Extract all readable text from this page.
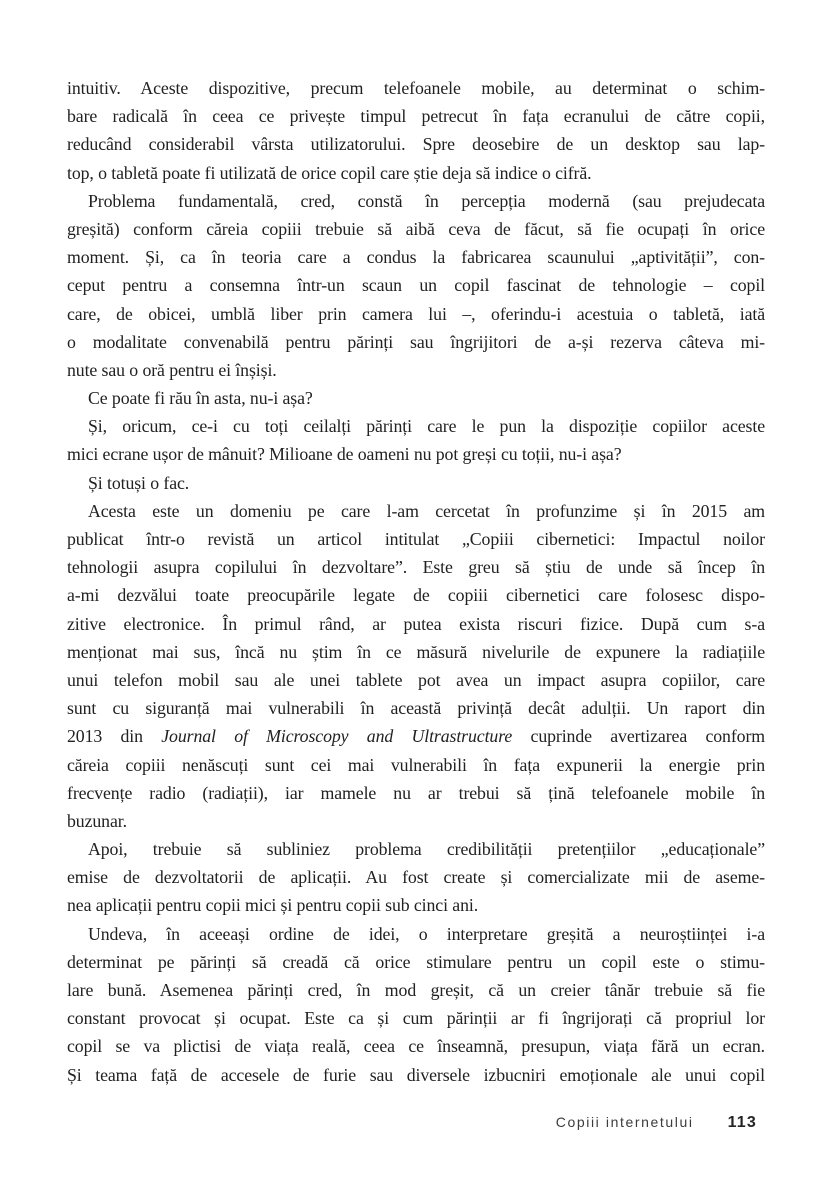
intuitiv. Aceste dispozitive, precum telefoanele mobile, au determinat o schim-
bare radicală în ceea ce privește timpul petrecut în fața ecranului de către copii,
reducând considerabil vârsta utilizatorului. Spre deosebire de un desktop sau lap-
top, o tabletă poate fi utilizată de orice copil care știe deja să indice o cifră.
Problema fundamentală, cred, constă în percepția modernă (sau prejudecata
greșită) conform căreia copiii trebuie să aibă ceva de făcut, să fie ocupați în orice
moment. Și, ca în teoria care a condus la fabricarea scaunului „aptivității”, con-
ceput pentru a consemna într-un scaun un copil fascinat de tehnologie – copil
care, de obicei, umblă liber prin camera lui –, oferindu-i acestuia o tabletă, iată
o modalitate convenabilă pentru părinți sau îngrijitori de a-și rezerva câteva mi-
nute sau o oră pentru ei înșiși.
Ce poate fi rău în asta, nu-i așa?
Și, oricum, ce-i cu toți ceilalți părinți care le pun la dispoziție copiilor aceste
mici ecrane ușor de mânuit? Milioane de oameni nu pot greși cu toții, nu-i așa?
Și totuși o fac.
Acesta este un domeniu pe care l-am cercetat în profunzime și în 2015 am
publicat într-o revistă un articol intitulat „Copiii cibernetici: Impactul noilor
tehnologii asupra copilului în dezvoltare”. Este greu să știu de unde să încep în
a-mi dezvălui toate preocupările legate de copiii cibernetici care folosesc dispo-
zitive electronice. În primul rând, ar putea exista riscuri fizice. După cum s-a
menționat mai sus, încă nu știm în ce măsură nivelurile de expunere la radiațiile
unui telefon mobil sau ale unei tablete pot avea un impact asupra copiilor, care
sunt cu siguranță mai vulnerabili în această privință decât adulții. Un raport din
2013 din Journal of Microscopy and Ultrastructure cuprinde avertizarea conform
căreia copiii nenăscuți sunt cei mai vulnerabili în fața expunerii la energie prin
frecvențe radio (radiații), iar mamele nu ar trebui să țină telefoanele mobile în
buzunar.
Apoi, trebuie să subliniez problema credibilității pretențiilor „educaționale”
emise de dezvoltatorii de aplicații. Au fost create și comercializate mii de aseme-
nea aplicații pentru copii mici și pentru copii sub cinci ani.
Undeva, în aceeași ordine de idei, o interpretare greșită a neuroștiinței i-a
determinat pe părinți să creadă că orice stimulare pentru un copil este o stimu-
lare bună. Asemenea părinți cred, în mod greșit, că un creier tânăr trebuie să fie
constant provocat și ocupat. Este ca și cum părinții ar fi îngrijorați că propriul lor
copil se va plictisi de viața reală, ceea ce înseamnă, presupun, viața fără un ecran.
Și teama față de accesele de furie sau diversele izbucniri emoționale ale unui copil
Copiii internetului 113
